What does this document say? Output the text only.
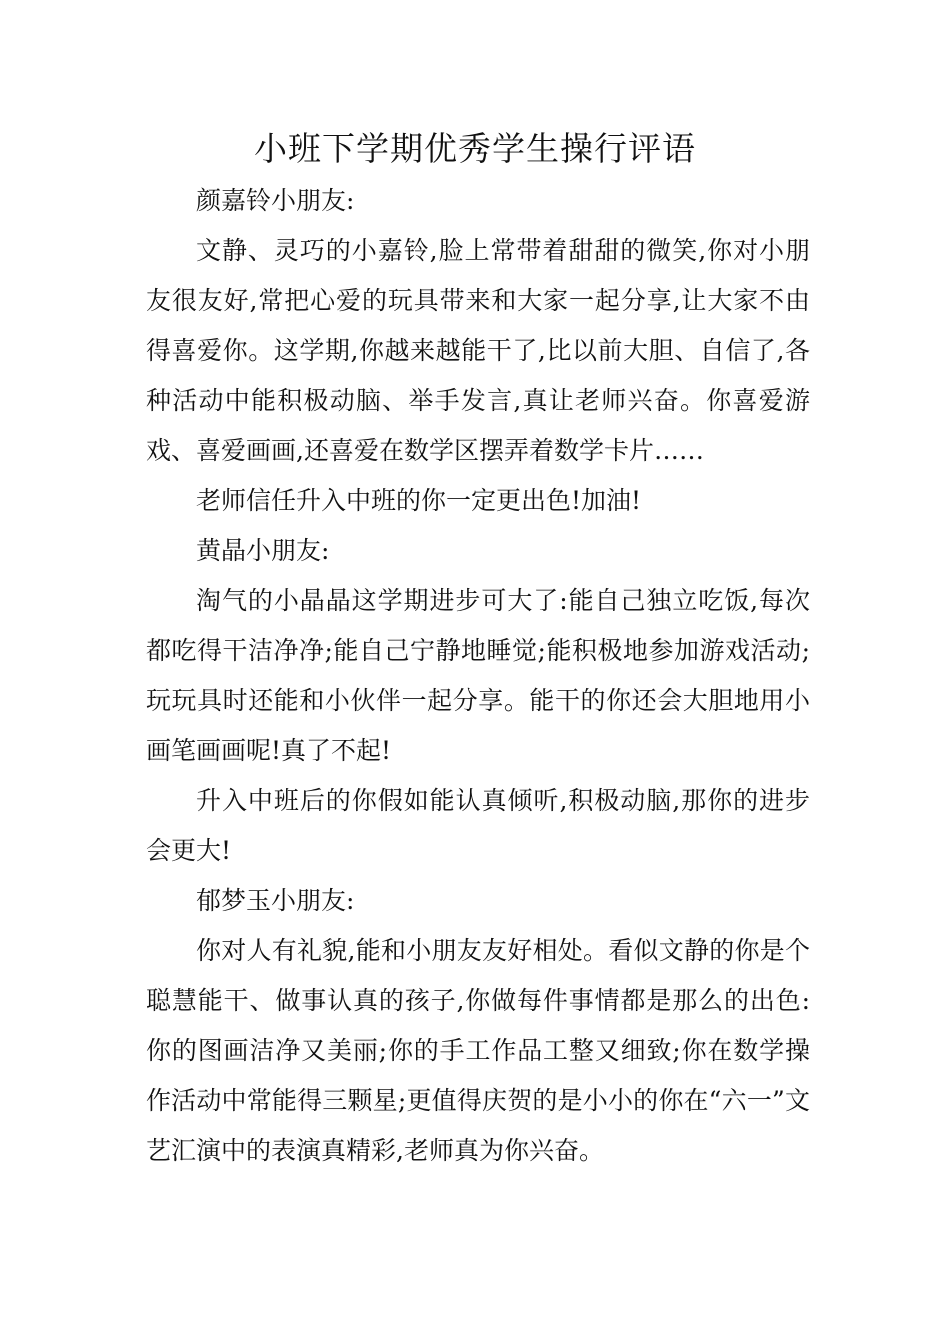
小班下学期优秀学生操行评语

颜嘉铃小朋友:

文静、灵巧的小嘉铃,脸上常带着甜甜的微笑,你对小朋友很友好,常把心爱的玩具带来和大家一起分享,让大家不由得喜爱你。这学期,你越来越能干了,比以前大胆、自信了,各种活动中能积极动脑、举手发言,真让老师兴奋。你喜爱游戏、喜爱画画,还喜爱在数学区摆弄着数学卡片……

老师信任升入中班的你一定更出色!加油!

黄晶小朋友:

淘气的小晶晶这学期进步可大了:能自己独立吃饭,每次都吃得干洁净净;能自己宁静地睡觉;能积极地参加游戏活动;玩玩具时还能和小伙伴一起分享。能干的你还会大胆地用小画笔画画呢!真了不起!

升入中班后的你假如能认真倾听,积极动脑,那你的进步会更大!

郁梦玉小朋友:

你对人有礼貌,能和小朋友友好相处。看似文静的你是个聪慧能干、做事认真的孩子,你做每件事情都是那么的出色:你的图画洁净又美丽;你的手工作品工整又细致;你在数学操作活动中常能得三颗星;更值得庆贺的是小小的你在“六一”文艺汇演中的表演真精彩,老师真为你兴奋。
